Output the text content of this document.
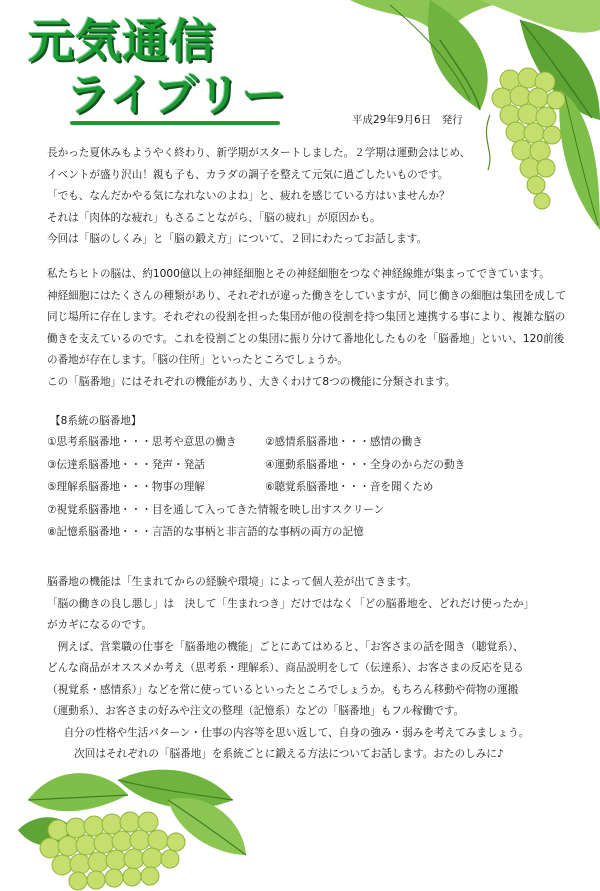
元気通信
ライブリー	平成29年9月6日　発行

長かった夏休みもようやく終わり、新学期がスタートしました。２学期は運動会はじめ、

イベントが盛り沢山！親も子も、カラダの調子を整えて元気に過ごしたいものです。

「でも、なんだかやる気になれないのよね」と、疲れを感じている方はいませんか？

それは「肉体的な疲れ」もさることながら、「脳の疲れ」が原因かも。

今回は「脳のしくみ」と「脳の鍛え方」について、２回にわたってお話します。

私たちヒトの脳は、約1000億以上の神経細胞とその神経細胞をつなぐ神経線維が集まってできています。

神経細胞にはたくさんの種類があり、それぞれが違った働きをしていますが、同じ働きの細胞は集団を成して

同じ場所に存在します。それぞれの役割を担った集団が他の役割を持つ集団と連携する事により、複雑な脳の

働きを支えているのです。これを役割ごとの集団に振り分けて番地化したものを「脳番地」といい、120前後

の番地が存在します。「脳の住所」といったところでしょうか。

この「脳番地」にはそれぞれの機能があり、大きくわけて8つの機能に分類されます。

【8系統の脳番地】
①思考系脳番地・・・思考や意思の働き	②感情系脳番地・・・感情の働き
③伝達系脳番地・・・発声・発話	④運動系脳番地・・・全身のからだの動き
⑤理解系脳番地・・・物事の理解	⑥聴覚系脳番地・・・音を聞くため
⑦視覚系脳番地・・・目を通して入ってきた情報を映し出すスクリーン
⑧記憶系脳番地・・・言語的な事柄と非言語的な事柄の両方の記憶

脳番地の機能は「生まれてからの経験や環境」によって個人差が出てきます。

「脳の働きの良し悪し」は　決して「生まれつき」だけではなく「どの脳番地を、どれだけ使ったか」

がカギになるのです。

　例えば、営業職の仕事を「脳番地の機能」ごとにあてはめると、「お客さまの話を聞き（聴覚系）、

どんな商品がオススメか考え（思考系・理解系）、商品説明をして（伝達系）、お客さまの反応を見る

（視覚系・感情系）」などを常に使っているといったところでしょうか。もちろん移動や荷物の運搬

（運動系）、お客さまの好みや注文の整理（記憶系）などの「脳番地」もフル稼働です。

　自分の性格や生活パターン・仕事の内容等を思い返して、自身の強み・弱みを考えてみましょう。

　　次回はそれぞれの「脳番地」を系統ごとに鍛える方法についてお話します。おたのしみに♪
